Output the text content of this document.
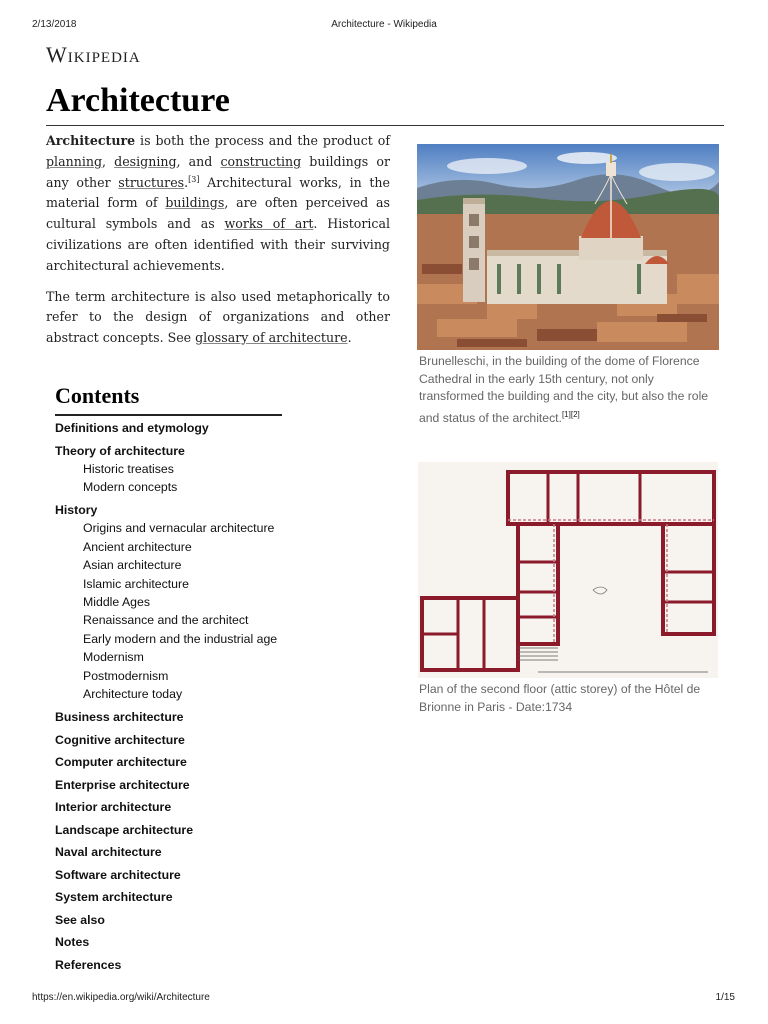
2/13/2018	Architecture - Wikipedia
Wikipedia
Architecture

Architecture is both the process and the product of planning, designing, and constructing buildings or any other structures.[3] Architectural works, in the material form of buildings, are often perceived as cultural symbols and as works of art. Historical civilizations are often identified with their surviving architectural achievements.

The term architecture is also used metaphorically to refer to the design of organizations and other abstract concepts. See glossary of architecture.

Brunelleschi, in the building of the dome of Florence Cathedral in the early 15th century, not only transformed the building and the city, but also the role and status of the architect.[1][2]
Plan of the second floor (attic storey) of the Hôtel de Brionne in Paris - Date:1734
Contents
Definitions and etymology
Theory of architecture
Historic treatises
Modern concepts
History
Origins and vernacular architecture
Ancient architecture
Asian architecture
Islamic architecture
Middle Ages
Renaissance and the architect
Early modern and the industrial age
Modernism
Postmodernism
Architecture today
Business architecture
Cognitive architecture
Computer architecture
Enterprise architecture
Interior architecture
Landscape architecture
Naval architecture
Software architecture
System architecture
See also
Notes
References
https://en.wikipedia.org/wiki/Architecture	1/15
